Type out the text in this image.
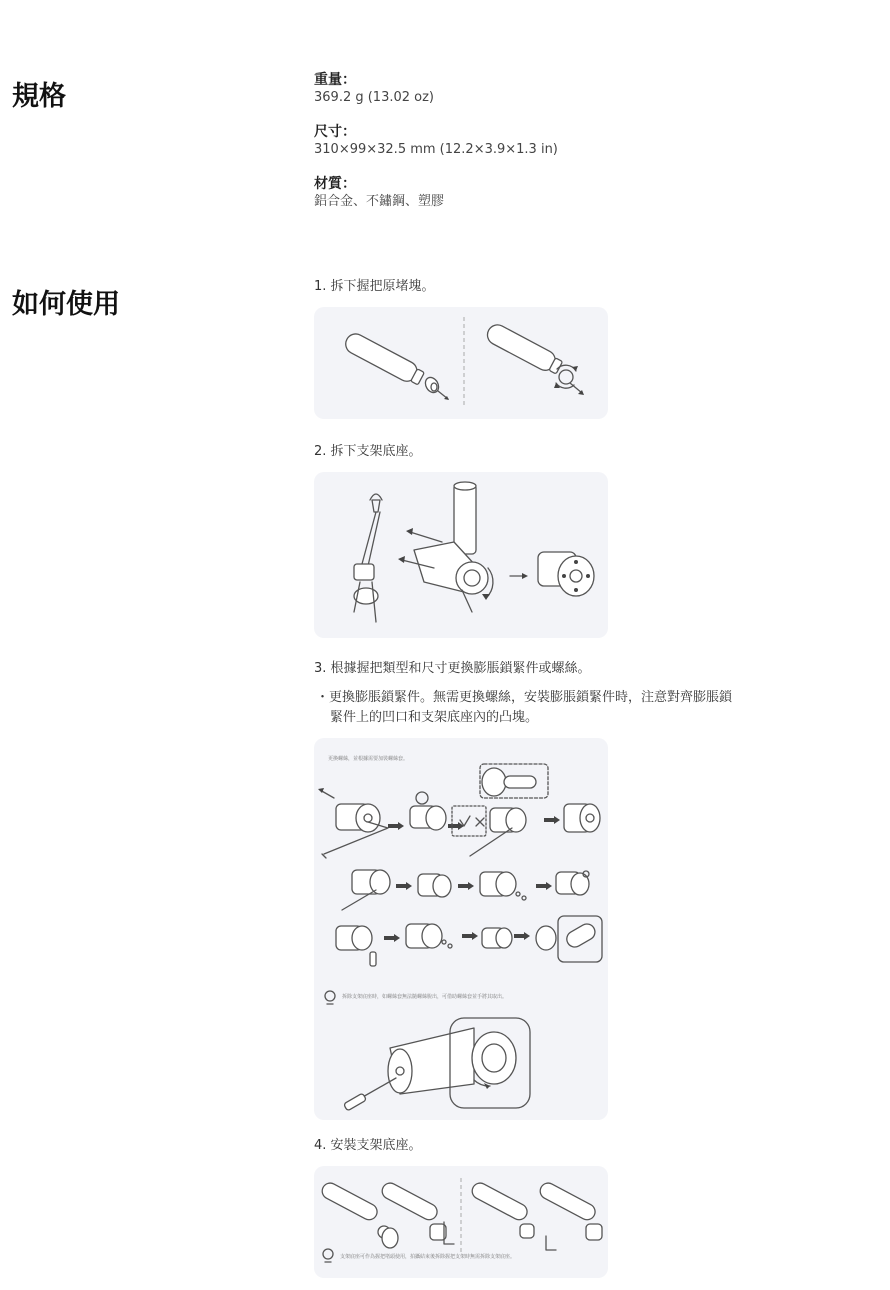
規格
重量：
369.2 g (13.02 oz)
尺寸：
310×99×32.5 mm (12.2×3.9×1.3 in)
材質：
鋁合金、不鏽鋼、塑膠
如何使用
1. 拆下握把原堵塊。
2. 拆下支架底座。
3. 根據握把類型和尺寸更換膨脹鎖緊件或螺絲。
・更換膨脹鎖緊件。無需更換螺絲，安裝膨脹鎖緊件時，注意對齊膨脹鎖緊件上的凹口和支架底座內的凸塊。
更換螺絲，並根據需要加裝螺絲套。
拆除支架底座時，如螺絲套無法隨螺絲脫出，可借助螺絲套並手將其取出。
4. 安裝支架底座。
支架底座可作為握把堵頭使用，拍攝結束後拆除握把支架時無需拆除支架底座。
